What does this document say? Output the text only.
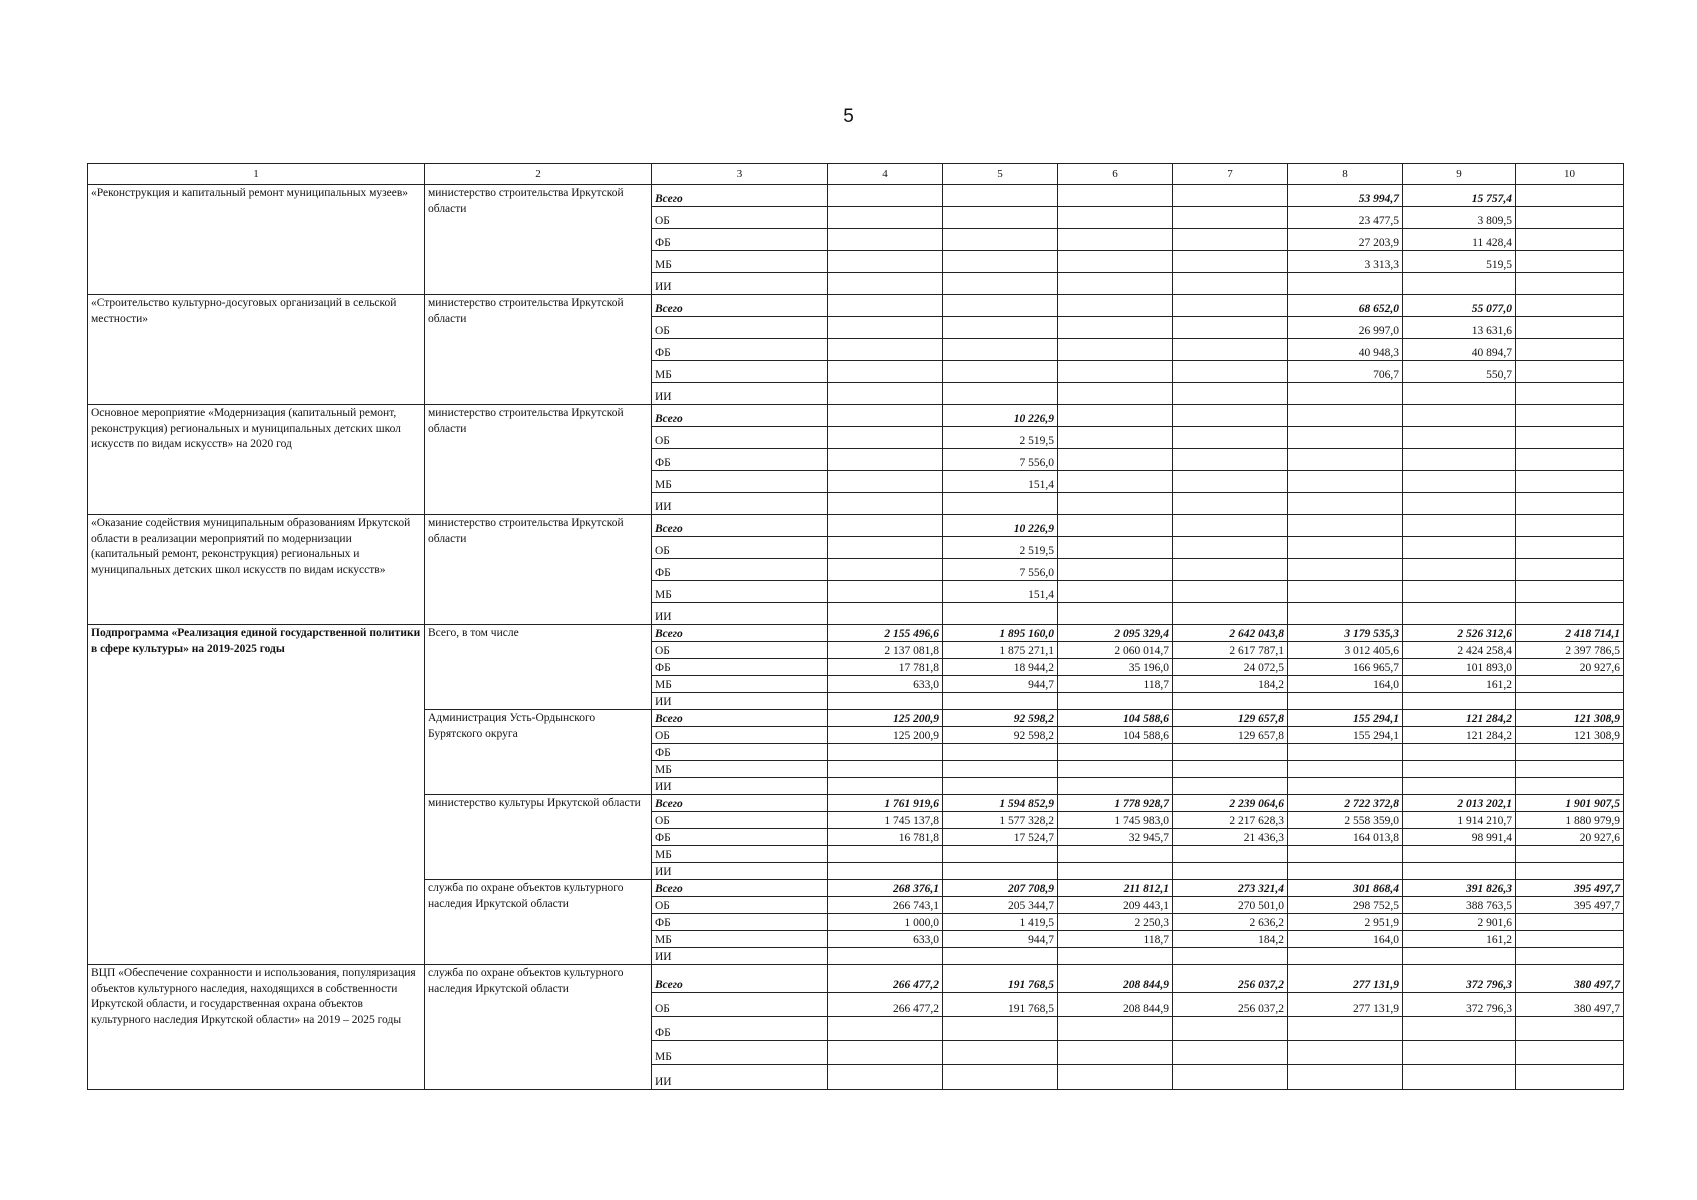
5
1	2	3	4	5	6	7	8	9	10
«Реконструкция и капитальный ремонт муниципальных музеев»	министерство строительства Иркутской области	Всего					53 994,7	15 757,4	
		ОБ					23 477,5	3 809,5	
		ФБ					27 203,9	11 428,4	
		МБ					3 313,3	519,5	
		ИИ							
«Строительство культурно-досуговых организаций в сельской местности»	министерство строительства Иркутской области	Всего					68 652,0	55 077,0	
		ОБ					26 997,0	13 631,6	
		ФБ					40 948,3	40 894,7	
		МБ					706,7	550,7	
		ИИ							
Основное мероприятие «Модернизация (капитальный ремонт, реконструкция) региональных и муниципальных детских школ искусств по видам искусств» на 2020 год	министерство строительства Иркутской области	Всего		10 226,9					
		ОБ		2 519,5					
		ФБ		7 556,0					
		МБ		151,4					
		ИИ							
«Оказание содействия муниципальным образованиям Иркутской области в реализации мероприятий по модернизации (капитальный ремонт, реконструкция) региональных и муниципальных детских школ искусств по видам искусств»	министерство строительства Иркутской области	Всего		10 226,9					
		ОБ		2 519,5					
		ФБ		7 556,0					
		МБ		151,4					
		ИИ							
Подпрограмма «Реализация единой государственной политики в сфере культуры» на 2019-2025 годы	Всего, в том числе	Всего	2 155 496,6	1 895 160,0	2 095 329,4	2 642 043,8	3 179 535,3	2 526 312,6	2 418 714,1
		ОБ	2 137 081,8	1 875 271,1	2 060 014,7	2 617 787,1	3 012 405,6	2 424 258,4	2 397 786,5
		ФБ	17 781,8	18 944,2	35 196,0	24 072,5	166 965,7	101 893,0	20 927,6
		МБ	633,0	944,7	118,7	184,2	164,0	161,2	
		ИИ							
	Администрация Усть-Ордынского Бурятского округа	Всего	125 200,9	92 598,2	104 588,6	129 657,8	155 294,1	121 284,2	121 308,9
		ОБ	125 200,9	92 598,2	104 588,6	129 657,8	155 294,1	121 284,2	121 308,9
		ФБ							
		МБ							
		ИИ							
	министерство культуры Иркутской области	Всего	1 761 919,6	1 594 852,9	1 778 928,7	2 239 064,6	2 722 372,8	2 013 202,1	1 901 907,5
		ОБ	1 745 137,8	1 577 328,2	1 745 983,0	2 217 628,3	2 558 359,0	1 914 210,7	1 880 979,9
		ФБ	16 781,8	17 524,7	32 945,7	21 436,3	164 013,8	98 991,4	20 927,6
		МБ							
		ИИ							
	служба по охране объектов культурного наследия Иркутской области	Всего	268 376,1	207 708,9	211 812,1	273 321,4	301 868,4	391 826,3	395 497,7
		ОБ	266 743,1	205 344,7	209 443,1	270 501,0	298 752,5	388 763,5	395 497,7
		ФБ	1 000,0	1 419,5	2 250,3	2 636,2	2 951,9	2 901,6	
		МБ	633,0	944,7	118,7	184,2	164,0	161,2	
		ИИ							
ВЦП «Обеспечение сохранности и использования, популяризация объектов культурного наследия, находящихся в собственности Иркутской области, и государственная охрана объектов культурного наследия Иркутской области» на 2019 – 2025 годы	служба по охране объектов культурного наследия Иркутской области	Всего	266 477,2	191 768,5	208 844,9	256 037,2	277 131,9	372 796,3	380 497,7
		ОБ	266 477,2	191 768,5	208 844,9	256 037,2	277 131,9	372 796,3	380 497,7
		ФБ							
		МБ							
		ИИ							
